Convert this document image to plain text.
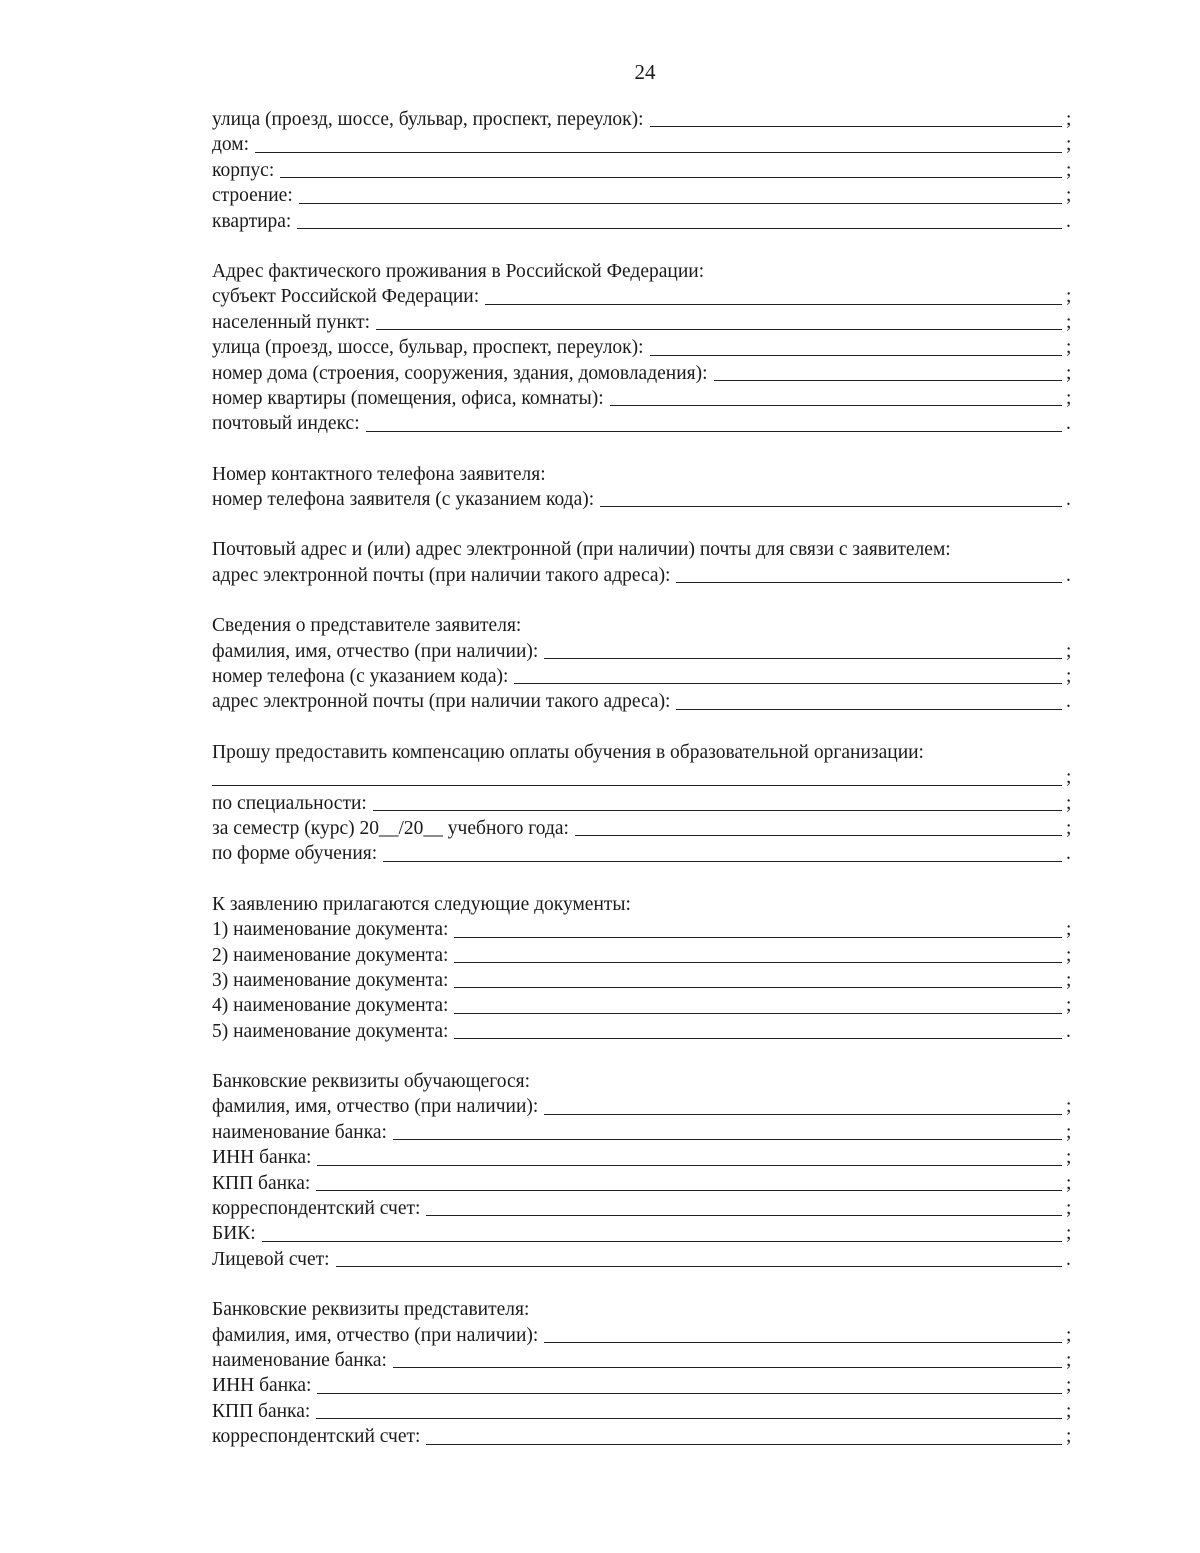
24
улица (проезд, шоссе, бульвар, проспект, переулок):	;
дом:	;
корпус:	;
строение:	;
квартира:	.
Адрес фактического проживания в Российской Федерации:
субъект Российской Федерации:	;
населенный пункт:	;
улица (проезд, шоссе, бульвар, проспект, переулок):	;
номер дома (строения, сооружения, здания, домовладения):	;
номер квартиры (помещения, офиса, комнаты):	;
почтовый индекс:	.
Номер контактного телефона заявителя:
номер телефона заявителя (с указанием кода):	.
Почтовый адрес и (или) адрес электронной (при наличии) почты для связи с заявителем:
адрес электронной почты (при наличии такого адреса):	.
Сведения о представителе заявителя:
фамилия, имя, отчество (при наличии):	;
номер телефона (с указанием кода):	;
адрес электронной почты (при наличии такого адреса):	.
Прошу предоставить компенсацию оплаты обучения в образовательной организации:
;
по специальности:	;
за семестр (курс) 20__/20__ учебного года:	;
по форме обучения:	.
К заявлению прилагаются следующие документы:
1) наименование документа:	;
2) наименование документа:	;
3) наименование документа:	;
4) наименование документа:	;
5) наименование документа:	.
Банковские реквизиты обучающегося:
фамилия, имя, отчество (при наличии):	;
наименование банка:	;
ИНН банка:	;
КПП банка:	;
корреспондентский счет:	;
БИК:	;
Лицевой счет:	.
Банковские реквизиты представителя:
фамилия, имя, отчество (при наличии):	;
наименование банка:	;
ИНН банка:	;
КПП банка:	;
корреспондентский счет:	;
